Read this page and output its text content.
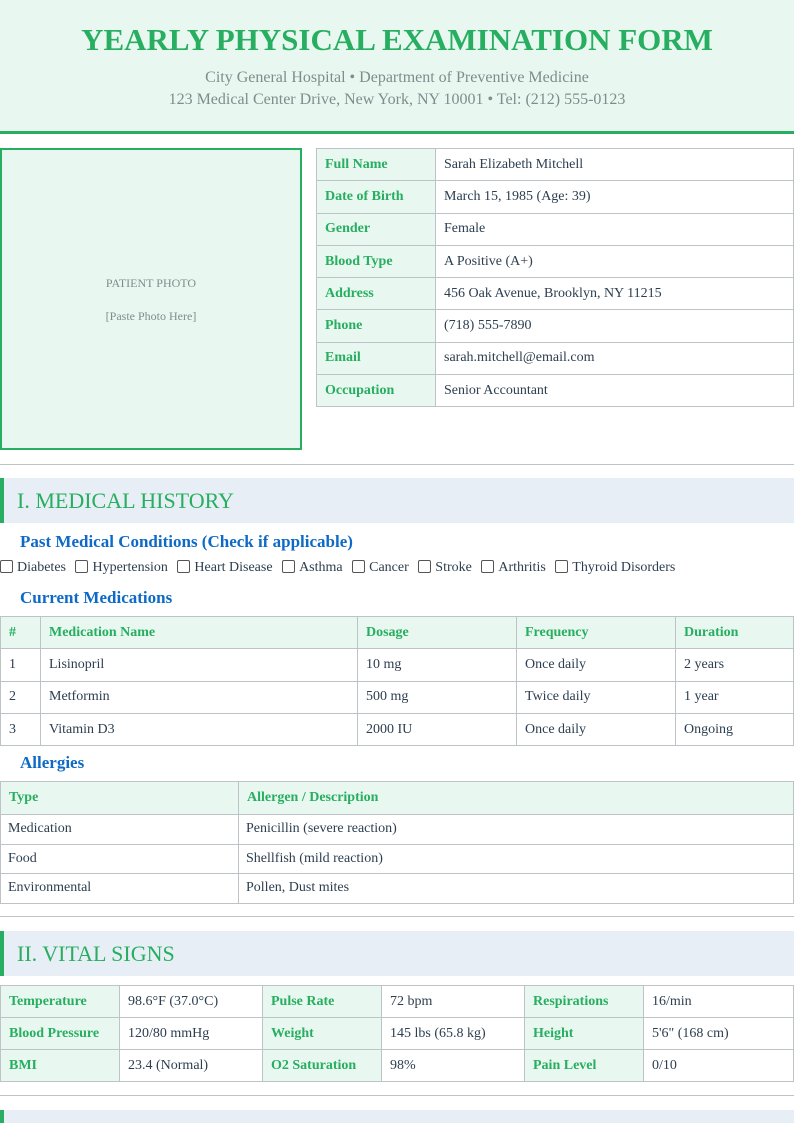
YEARLY PHYSICAL EXAMINATION FORM
City General Hospital • Department of Preventive Medicine
123 Medical Center Drive, New York, NY 10001 • Tel: (212) 555-0123
PATIENT PHOTO
[Paste Photo Here]
Full Name	Sarah Elizabeth Mitchell
Date of Birth	March 15, 1985 (Age: 39)
Gender	Female
Blood Type	A Positive (A+)
Address	456 Oak Avenue, Brooklyn, NY 11215
Phone	(718) 555-7890
Email	sarah.mitchell@email.com
Occupation	Senior Accountant
I. MEDICAL HISTORY
Past Medical Conditions (Check if applicable)
Diabetes Hypertension Heart Disease Asthma Cancer Stroke Arthritis Thyroid Disorders
Current Medications
#	Medication Name	Dosage	Frequency	Duration
1	Lisinopril	10 mg	Once daily	2 years
2	Metformin	500 mg	Twice daily	1 year
3	Vitamin D3	2000 IU	Once daily	Ongoing
Allergies
Type	Allergen / Description
Medication	Penicillin (severe reaction)
Food	Shellfish (mild reaction)
Environmental	Pollen, Dust mites
II. VITAL SIGNS
Temperature	98.6°F (37.0°C)	Pulse Rate	72 bpm	Respirations	16/min
Blood Pressure	120/80 mmHg	Weight	145 lbs (65.8 kg)	Height	5'6" (168 cm)
BMI	23.4 (Normal)	O2 Saturation	98%	Pain Level	0/10
